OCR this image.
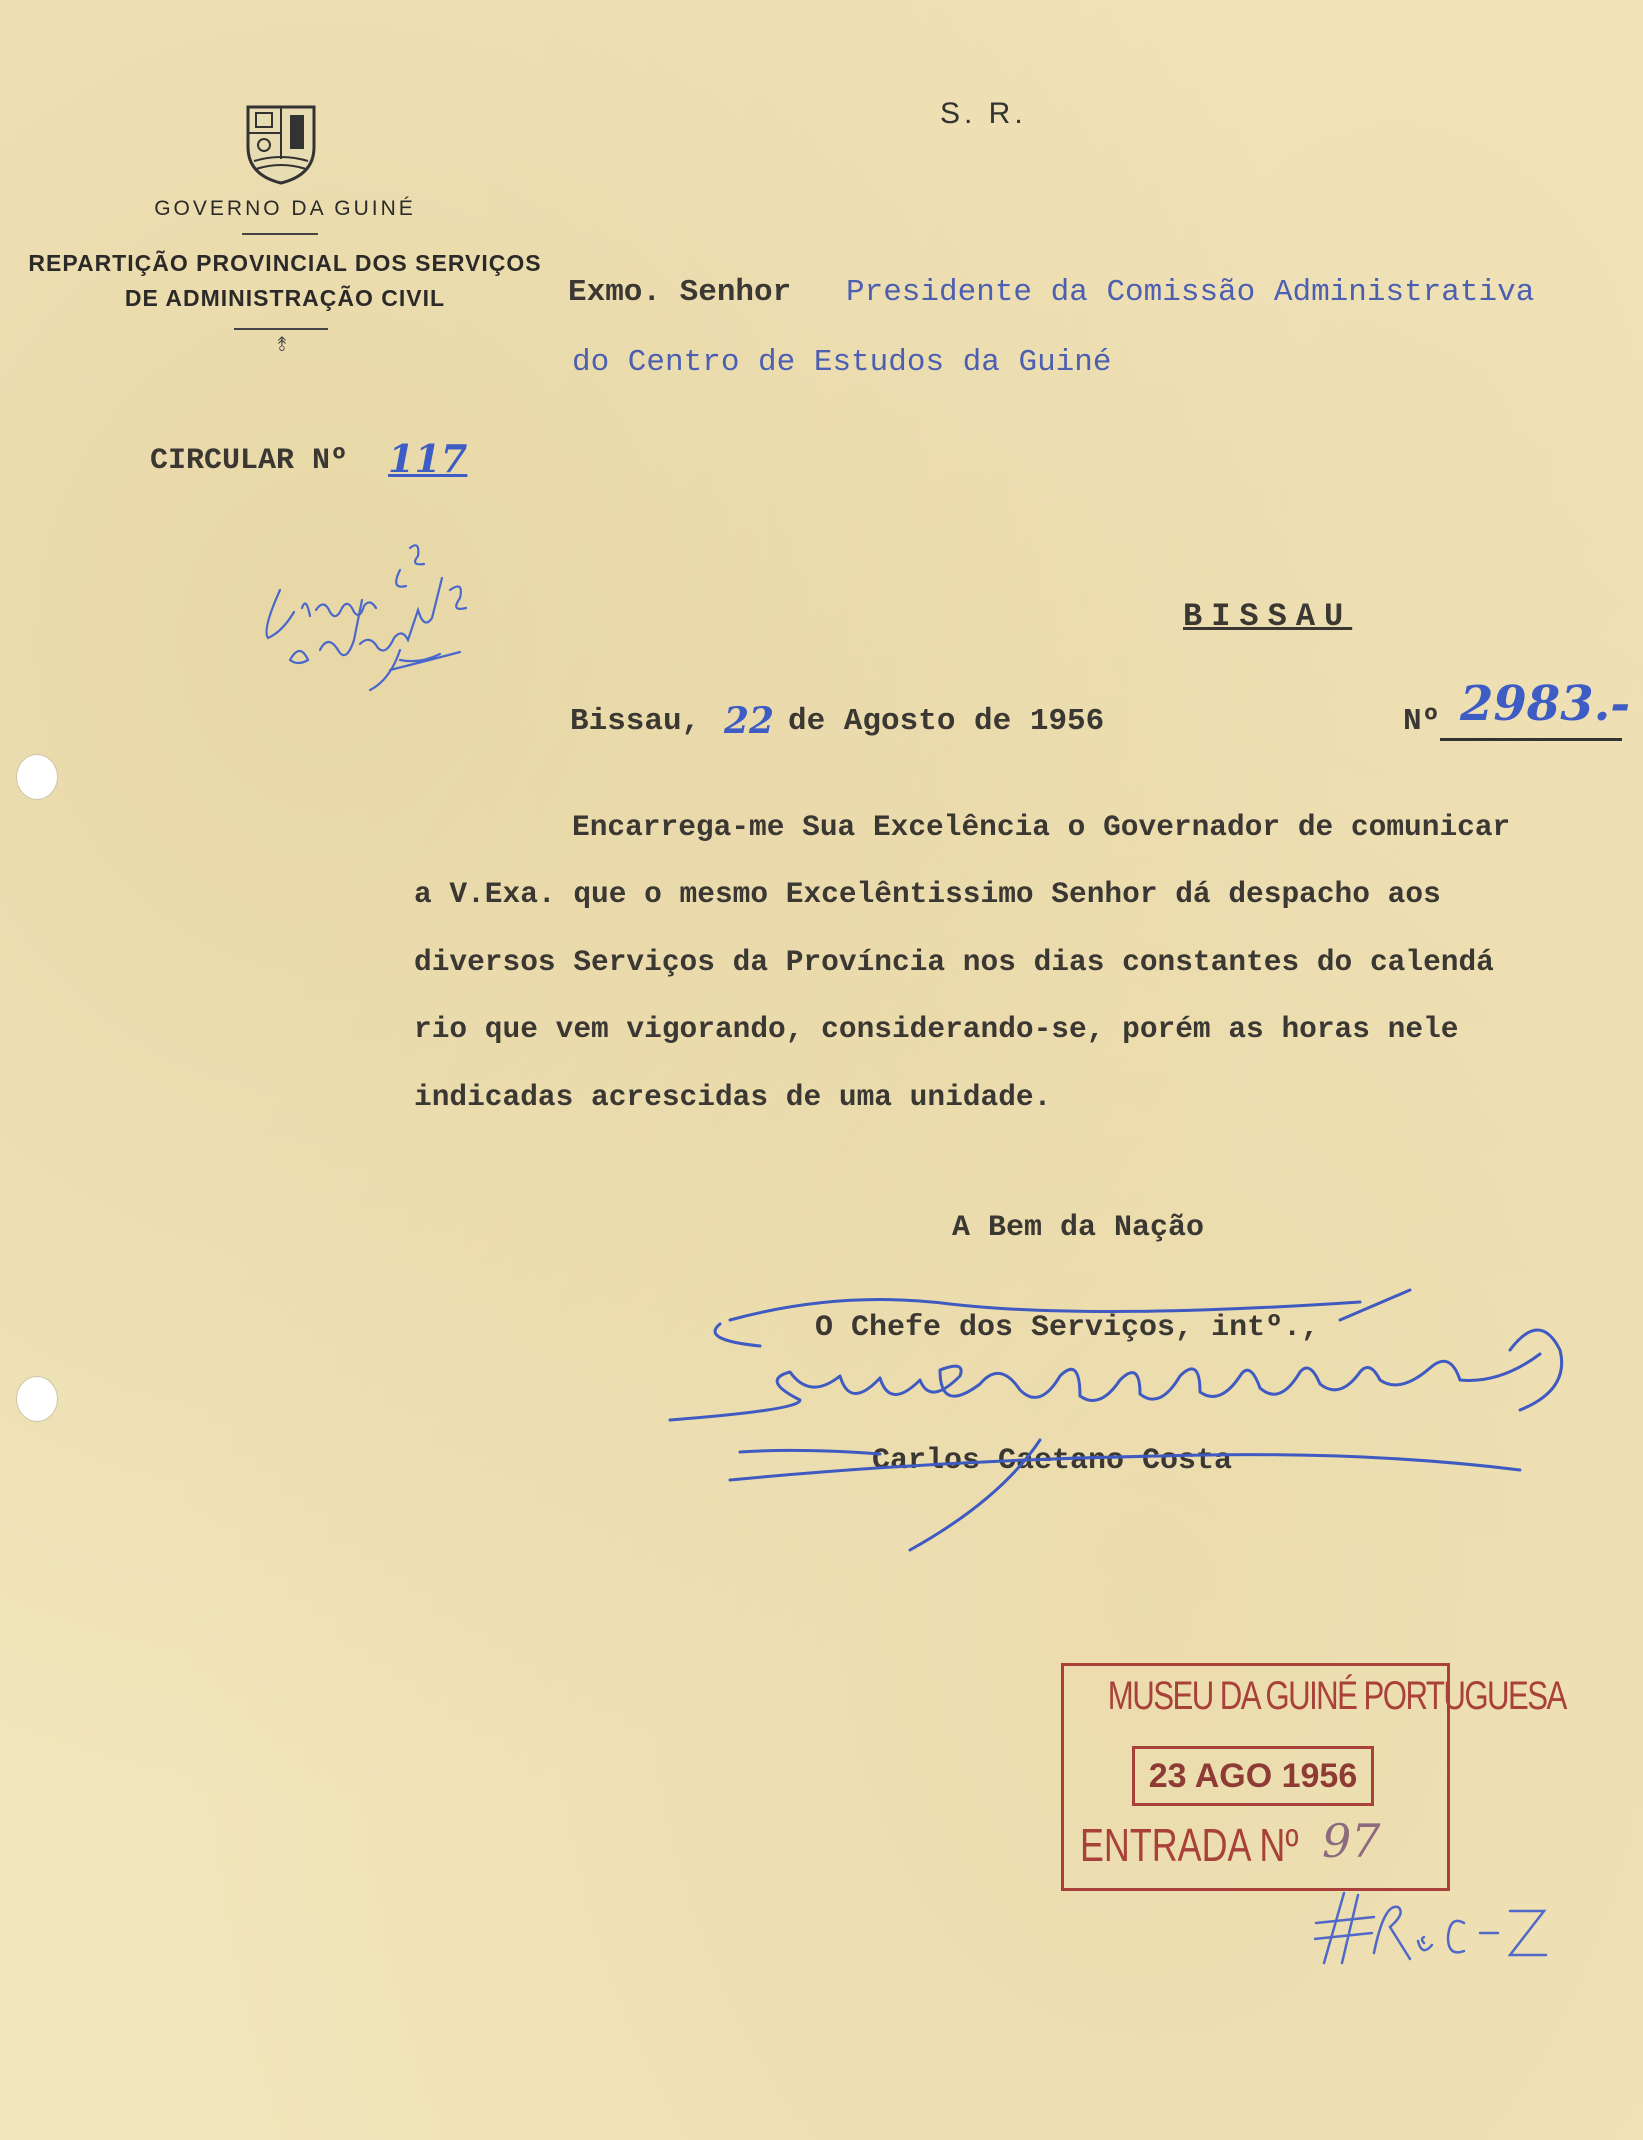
GOVERNO DA GUINÉ
REPARTIÇÃO PROVINCIAL DOS SERVIÇOS
DE ADMINISTRAÇÃO CIVIL
⥉
S. R.
Exmo. Senhor Presidente da Comissão Administrativa
do Centro de Estudos da Guiné
CIRCULAR Nº 117
BISSAU
Bissau, 22 de Agosto de 1956	Nº 2983.-
Encarrega-me Sua Excelência o Governador de comunicar
a V.Exa. que o mesmo Excelêntissimo Senhor dá despacho aos
diversos Serviços da Província nos dias constantes do calendá
rio que vem vigorando, considerando-se, porém as horas nele
indicadas acrescidas de uma unidade.
A Bem da Nação
O Chefe dos Serviços, intº.,
Carlos Caetano Costa
MUSEU DA GUINÉ PORTUGUESA
23 AGO 1956
ENTRADA Nº 97
